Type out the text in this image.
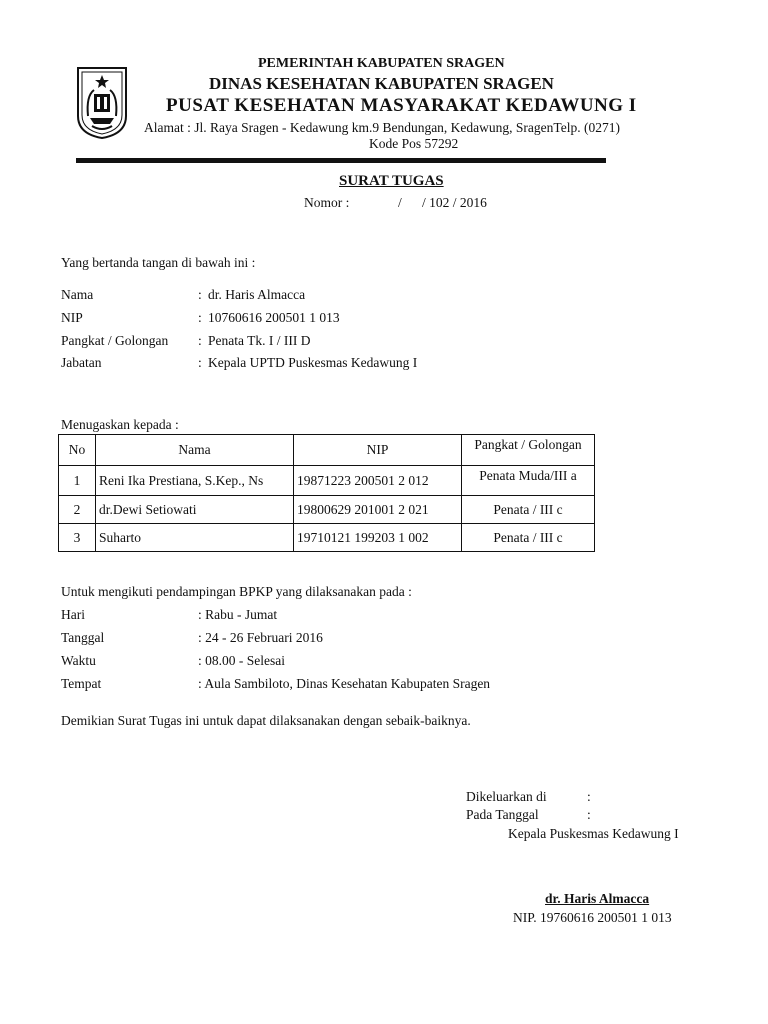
PEMERINTAH KABUPATEN SRAGEN
DINAS KESEHATAN KABUPATEN SRAGEN
PUSAT KESEHATAN MASYARAKAT KEDAWUNG I
Alamat : Jl. Raya Sragen - Kedawung km.9 Bendungan, Kedawung, SragenTelp. (0271)
Kode Pos 57292
SURAT TUGAS
Nomor :	/      / 102 / 2016
Yang bertanda tangan di bawah ini :
Nama	: dr. Haris Almacca
NIP	: 10760616 200501 1 013
Pangkat / Golongan : Penata Tk. I / III D
Jabatan	: Kepala UPTD Puskesmas Kedawung I
Menugaskan kepada :
No	Nama	NIP	Pangkat / Golongan
1	Reni Ika Prestiana, S.Kep., Ns	19871223 200501 2 012	Penata Muda/III a
2	dr.Dewi Setiowati	19800629 201001 2 021	Penata / III c
3	Suharto	19710121 199203 1 002	Penata / III c
Untuk mengikuti pendampingan BPKP yang dilaksanakan pada :
Hari	: Rabu - Jumat
Tanggal	: 24 - 26 Februari 2016
Waktu	: 08.00 - Selesai
Tempat	: Aula Sambiloto, Dinas Kesehatan Kabupaten Sragen
Demikian Surat Tugas ini untuk dapat dilaksanakan dengan sebaik-baiknya.
Dikeluarkan di	:
Pada Tanggal	:
Kepala Puskesmas Kedawung I
dr. Haris Almacca
NIP. 19760616 200501 1 013
